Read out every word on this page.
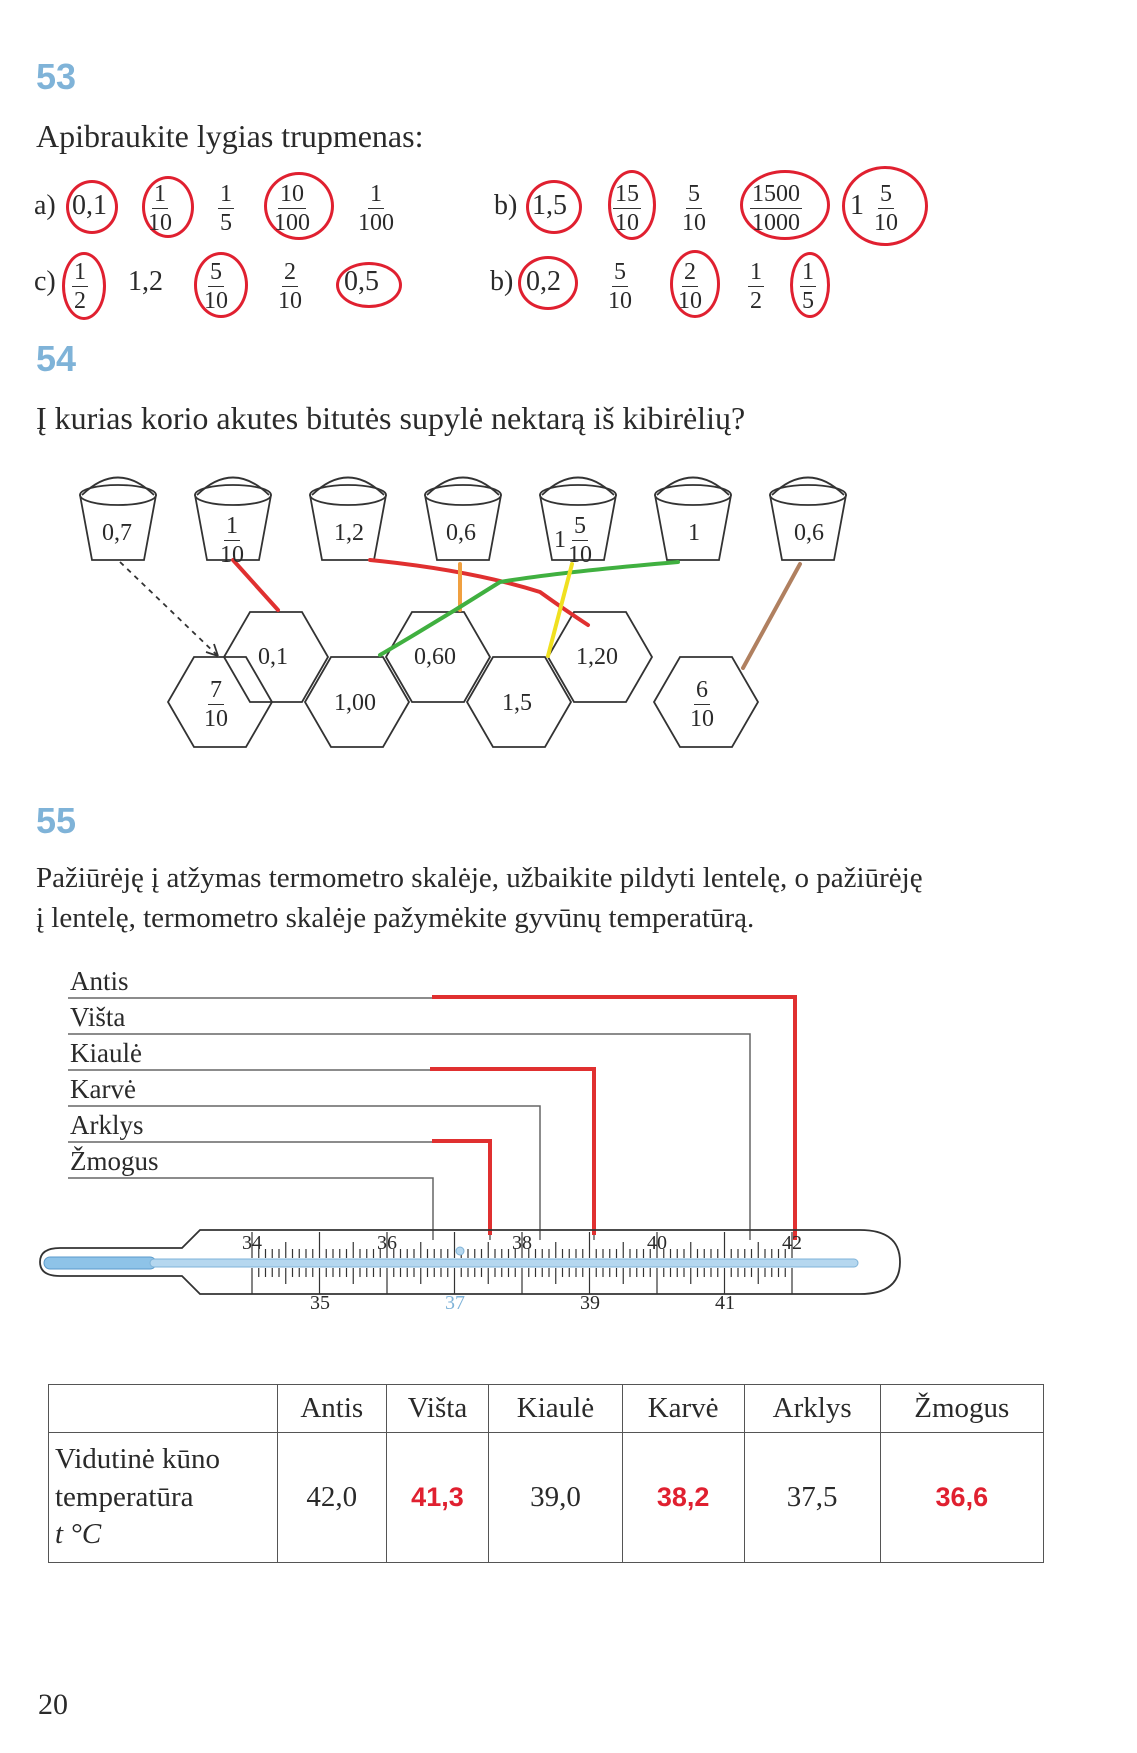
53
Apibraukite lygias trupmenas:
a) $0,1 \frac{1}{10} \frac{1}{5} \frac{10}{100} \frac{1}{100}$	b) $1,5 \frac{15}{10} \frac{5}{10} \frac{1500}{1000} 1 \frac{5}{10}$
$c) \frac{1}{2} 1,2 \frac{5}{10} \frac{2}{10} 0,5$	b) $0,2 \frac{5}{10} \frac{2}{10} \frac{1}{2} \frac{1}{5}$
54
Į kurias korio akutes bitutės supylė nektarą iš kibirėlių?
0,7	$\frac{1}{10}$	1,2	0,6	$1 \frac{5}{10}$	1	0,6
0,1
1,00
0,60
1,5
1,20
$\frac{7}{10}$	$\frac{6}{10}$
55
Pažiūrėję į atžymas termometro skalėje, užbaikite pildyti lentelę, o pažiūrėję
į lentelę, termometro skalėje pažymėkite gyvūnų temperatūrą.
Antis
Višta
Kiaulė
Karvė
Arklys
Žmogus
34	36	38	40	42
35	37	39	41
	Antis	Višta	Kiaulė	Karvė	Arklys	Žmogus

Vidutinė kūno
temperatūra
t °C	42,0	41,3	39,0	38,2	37,5	36,6
20
